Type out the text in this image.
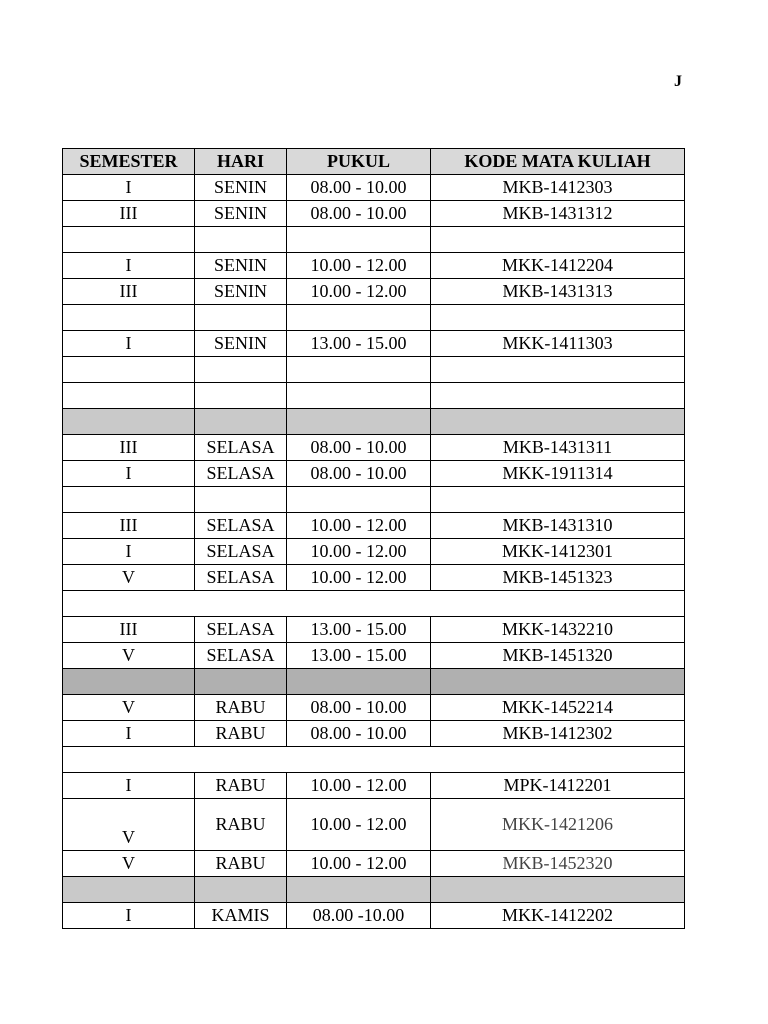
J
SEMESTER	HARI	PUKUL	KODE MATA KULIAH
I	SENIN	08.00 - 10.00	MKB-1412303
III	SENIN	08.00 - 10.00	MKB-1431312

I	SENIN	10.00 - 12.00	MKK-1412204
III	SENIN	10.00 - 12.00	MKB-1431313

I	SENIN	13.00 - 15.00	MKK-1411303

III	SELASA	08.00 - 10.00	MKB-1431311
I	SELASA	08.00 - 10.00	MKK-1911314

III	SELASA	10.00 - 12.00	MKB-1431310
I	SELASA	10.00 - 12.00	MKK-1412301
V	SELASA	10.00 - 12.00	MKB-1451323

III	SELASA	13.00 - 15.00	MKK-1432210
V	SELASA	13.00 - 15.00	MKB-1451320

V	RABU	08.00 - 10.00	MKK-1452214
I	RABU	08.00 - 10.00	MKB-1412302

I	RABU	10.00 - 12.00	MPK-1412201
V	RABU	10.00 - 12.00	MKK-1421206
V	RABU	10.00 - 12.00	MKB-1452320

I	KAMIS	08.00 -10.00	MKK-1412202
